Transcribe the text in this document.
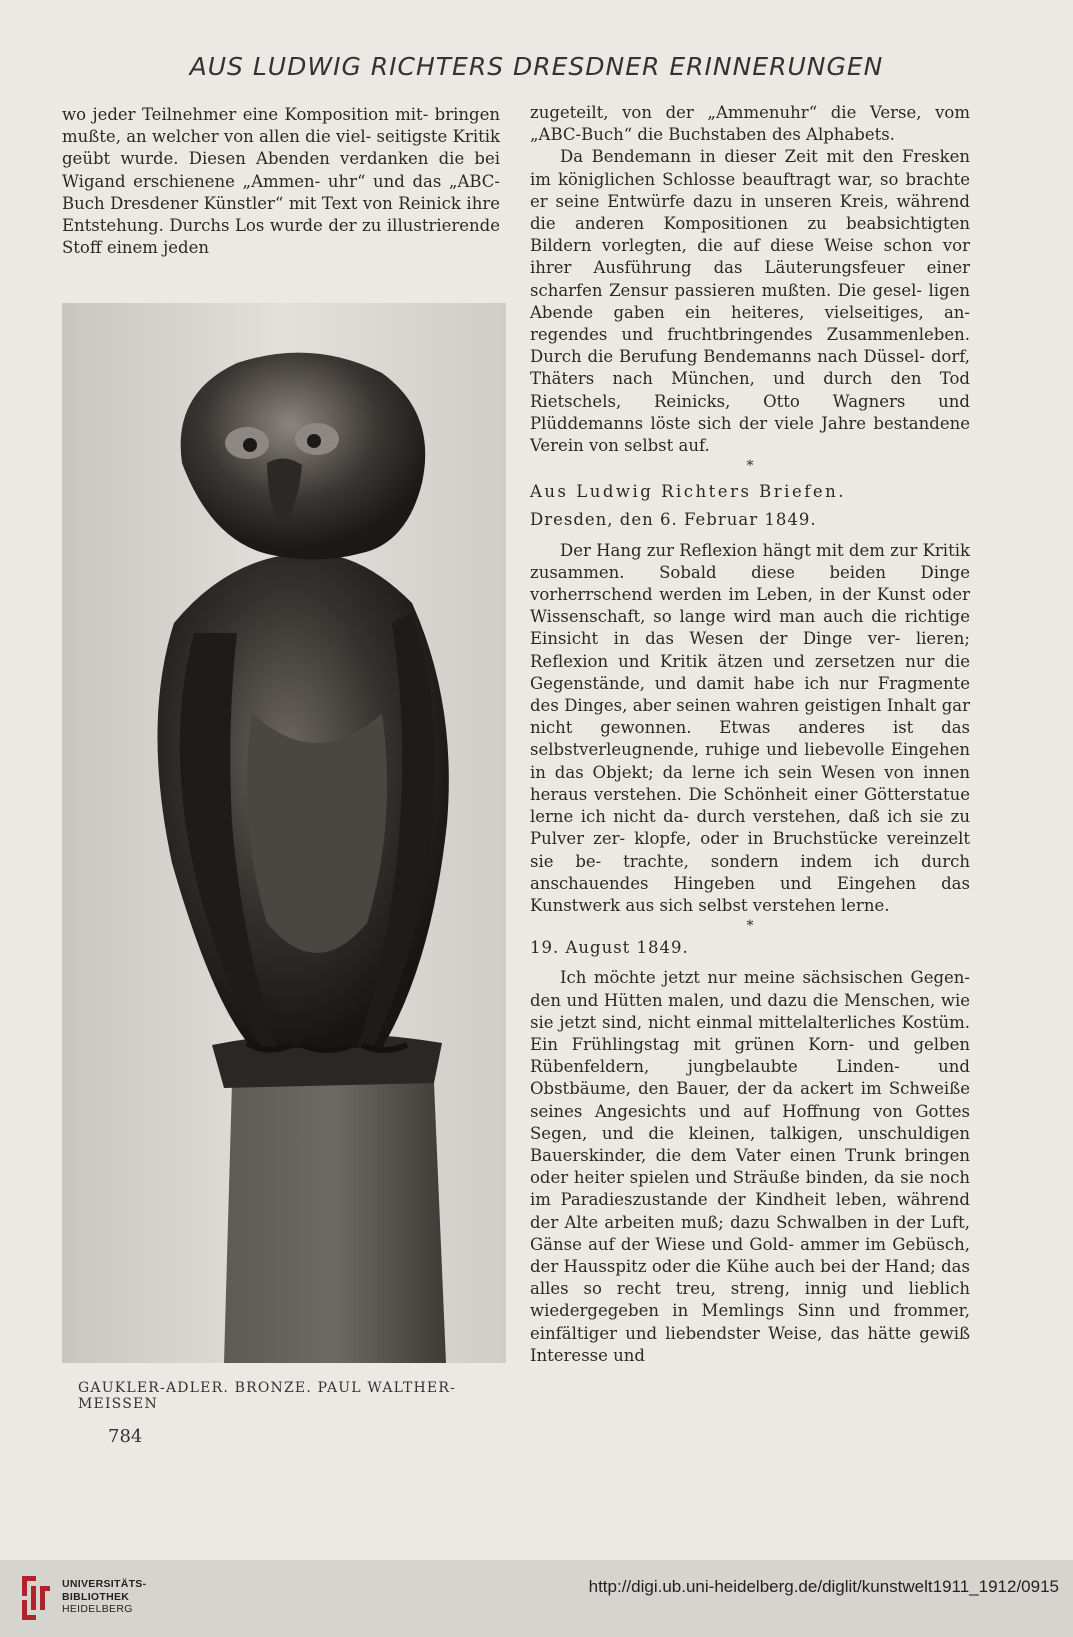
AUS LUDWIG RICHTERS DRESDNER ERINNERUNGEN

wo jeder Teilnehmer eine Komposition mit- bringen mußte, an welcher von allen die viel- seitigste Kritik geübt wurde. Diesen Abenden verdanken die bei Wigand erschienene „Ammen- uhr“ und das „ABC-Buch Dresdener Künstler“ mit Text von Reinick ihre Entstehung. Durchs Los wurde der zu illustrierende Stoff einem jeden

GAUKLER-ADLER. BRONZE. PAUL WALTHER-MEISSEN

zugeteilt, von der „Ammenuhr“ die Verse, vom „ABC-Buch“ die Buchstaben des Alphabets.

Da Bendemann in dieser Zeit mit den Fresken im königlichen Schlosse beauftragt war, so brachte er seine Entwürfe dazu in unseren Kreis, während die anderen Kompositionen zu beabsichtigten Bildern vorlegten, die auf diese Weise schon vor ihrer Ausführung das Läuterungsfeuer einer scharfen Zensur passieren mußten. Die gesel- ligen Abende gaben ein heiteres, vielseitiges, an- regendes und fruchtbringendes Zusammenleben. Durch die Berufung Bendemanns nach Düssel- dorf, Thäters nach München, und durch den Tod Rietschels, Reinicks, Otto Wagners und Plüddemanns löste sich der viele Jahre bestandene Verein von selbst auf.

*

Aus Ludwig Richters Briefen.

Dresden, den 6. Februar 1849.

Der Hang zur Reflexion hängt mit dem zur Kritik zusammen. Sobald diese beiden Dinge vorherrschend werden im Leben, in der Kunst oder Wissenschaft, so lange wird man auch die richtige Einsicht in das Wesen der Dinge ver- lieren; Reflexion und Kritik ätzen und zersetzen nur die Gegenstände, und damit habe ich nur Fragmente des Dinges, aber seinen wahren geistigen Inhalt gar nicht gewonnen. Etwas anderes ist das selbstverleugnende, ruhige und liebevolle Eingehen in das Objekt; da lerne ich sein Wesen von innen heraus verstehen. Die Schönheit einer Götterstatue lerne ich nicht da- durch verstehen, daß ich sie zu Pulver zer- klopfe, oder in Bruchstücke vereinzelt sie be- trachte, sondern indem ich durch anschauendes Hingeben und Eingehen das Kunstwerk aus sich selbst verstehen lerne.

*

19. August 1849.

Ich möchte jetzt nur meine sächsischen Gegen- den und Hütten malen, und dazu die Menschen, wie sie jetzt sind, nicht einmal mittelalterliches Kostüm. Ein Frühlingstag mit grünen Korn- und gelben Rübenfeldern, jungbelaubte Linden- und Obstbäume, den Bauer, der da ackert im Schweiße seines Angesichts und auf Hoffnung von Gottes Segen, und die kleinen, talkigen, unschuldigen Bauerskinder, die dem Vater einen Trunk bringen oder heiter spielen und Sträuße binden, da sie noch im Paradieszustande der Kindheit leben, während der Alte arbeiten muß; dazu Schwalben in der Luft, Gänse auf der Wiese und Gold- ammer im Gebüsch, der Hausspitz oder die Kühe auch bei der Hand; das alles so recht treu, streng, innig und lieblich wiedergegeben in Memlings Sinn und frommer, einfältiger und liebendster Weise, das hätte gewiß Interesse und

784
UNIVERSITÄTS-
BIBLIOTHEK
HEIDELBERG
http://digi.ub.uni-heidelberg.de/diglit/kunstwelt1911_1912/0915
